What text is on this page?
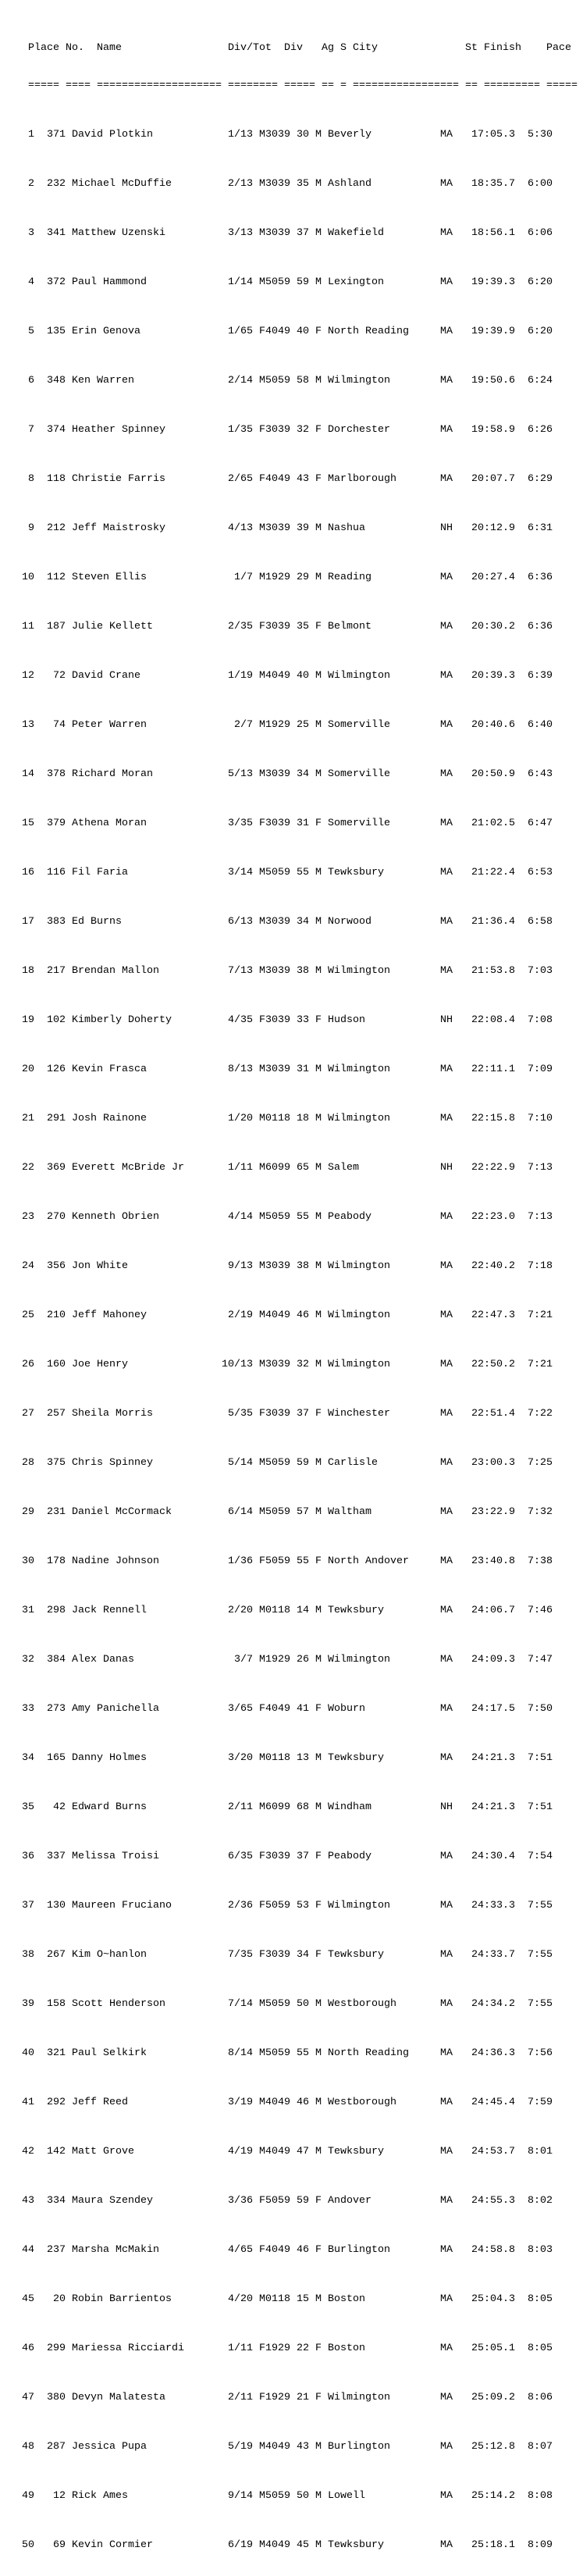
Place No. Name	Div/Tot Div Ag S City	St Finish Pace

===== ==== ==================== ======== ===== == = ================= == ========= =====

1 371 David Plotkin	1/13 M3039 30 M Beverly	MA 17:05.3 5:30

2 232 Michael McDuffie	2/13 M3039 35 M Ashland	MA 18:35.7 6:00

3 341 Matthew Uzenski	3/13 M3039 37 M Wakefield	MA 18:56.1 6:06

4 372 Paul Hammond	1/14 M5059 59 M Lexington	MA 19:39.3 6:20

5 135 Erin Genova	1/65 F4049 40 F North Reading	MA 19:39.9 6:20

6 348 Ken Warren	2/14 M5059 58 M Wilmington	MA 19:50.6 6:24

7 374 Heather Spinney	1/35 F3039 32 F Dorchester	MA 19:58.9 6:26

8 118 Christie Farris	2/65 F4049 43 F Marlborough	MA 20:07.7 6:29

9 212 Jeff Maistrosky	4/13 M3039 39 M Nashua	NH 20:12.9 6:31

10 112 Steven Ellis	1/7 M1929 29 M Reading	MA 20:27.4 6:36

11 187 Julie Kellett	2/35 F3039 35 F Belmont	MA 20:30.2 6:36

12 72 David Crane	1/19 M4049 40 M Wilmington	MA 20:39.3 6:39

13 74 Peter Warren	2/7 M1929 25 M Somerville	MA 20:40.6 6:40

14 378 Richard Moran	5/13 M3039 34 M Somerville	MA 20:50.9 6:43

15 379 Athena Moran	3/35 F3039 31 F Somerville	MA 21:02.5 6:47

16 116 Fil Faria	3/14 M5059 55 M Tewksbury	MA 21:22.4 6:53

17 383 Ed Burns	6/13 M3039 34 M Norwood	MA 21:36.4 6:58

18 217 Brendan Mallon	7/13 M3039 38 M Wilmington	MA 21:53.8 7:03

19 102 Kimberly Doherty	4/35 F3039 33 F Hudson	NH 22:08.4 7:08

20 126 Kevin Frasca	8/13 M3039 31 M Wilmington	MA 22:11.1 7:09

21 291 Josh Rainone	1/20 M0118 18 M Wilmington	MA 22:15.8 7:10

22 369 Everett McBride Jr	1/11 M6099 65 M Salem	NH 22:22.9 7:13

23 270 Kenneth Obrien	4/14 M5059 55 M Peabody	MA 22:23.0 7:13

24 356 Jon White	9/13 M3039 38 M Wilmington	MA 22:40.2 7:18

25 210 Jeff Mahoney	2/19 M4049 46 M Wilmington	MA 22:47.3 7:21

26 160 Joe Henry	10/13 M3039 32 M Wilmington	MA 22:50.2 7:21

27 257 Sheila Morris	5/35 F3039 37 F Winchester	MA 22:51.4 7:22

28 375 Chris Spinney	5/14 M5059 59 M Carlisle	MA 23:00.3 7:25

29 231 Daniel McCormack	6/14 M5059 57 M Waltham	MA 23:22.9 7:32

30 178 Nadine Johnson	1/36 F5059 55 F North Andover	MA 23:40.8 7:38

31 298 Jack Rennell	2/20 M0118 14 M Tewksbury	MA 24:06.7 7:46

32 384 Alex Danas	3/7 M1929 26 M Wilmington	MA 24:09.3 7:47

33 273 Amy Panichella	3/65 F4049 41 F Woburn	MA 24:17.5 7:50

34 165 Danny Holmes	3/20 M0118 13 M Tewksbury	MA 24:21.3 7:51

35 42 Edward Burns	2/11 M6099 68 M Windham	NH 24:21.3 7:51

36 337 Melissa Troisi	6/35 F3039 37 F Peabody	MA 24:30.4 7:54

37 130 Maureen Fruciano	2/36 F5059 53 F Wilmington	MA 24:33.3 7:55

38 267 Kim O~hanlon	7/35 F3039 34 F Tewksbury	MA 24:33.7 7:55

39 158 Scott Henderson	7/14 M5059 50 M Westborough	MA 24:34.2 7:55

40 321 Paul Selkirk	8/14 M5059 55 M North Reading	MA 24:36.3 7:56

41 292 Jeff Reed	3/19 M4049 46 M Westborough	MA 24:45.4 7:59

42 142 Matt Grove	4/19 M4049 47 M Tewksbury	MA 24:53.7 8:01

43 334 Maura Szendey	3/36 F5059 59 F Andover	MA 24:55.3 8:02

44 237 Marsha McMakin	4/65 F4049 46 F Burlington	MA 24:58.8 8:03

45 20 Robin Barrientos	4/20 M0118 15 M Boston	MA 25:04.3 8:05

46 299 Mariessa Ricciardi	1/11 F1929 22 F Boston	MA 25:05.1 8:05

47 380 Devyn Malatesta	2/11 F1929 21 F Wilmington	MA 25:09.2 8:06

48 287 Jessica Pupa	5/19 M4049 43 M Burlington	MA 25:12.8 8:07

49 12 Rick Ames	9/14 M5059 50 M Lowell	MA 25:14.2 8:08

50 69 Kevin Cormier	6/19 M4049 45 M Tewksbury	MA 25:18.1 8:09
